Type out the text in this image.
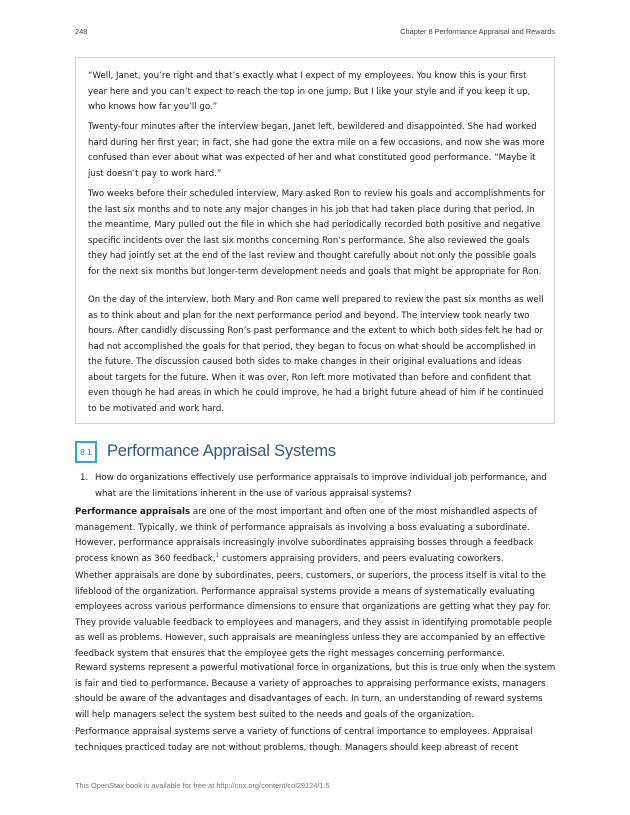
248	Chapter 8 Performance Appraisal and Rewards

“Well, Janet, you’re right and that’s exactly what I expect of my employees. You know this is your first year here and you can’t expect to reach the top in one jump. But I like your style and if you keep it up, who knows how far you’ll go.”

Twenty-four minutes after the interview began, Janet left, bewildered and disappointed. She had worked hard during her first year; in fact, she had gone the extra mile on a few occasions, and now she was more confused than ever about what was expected of her and what constituted good performance. “Maybe it just doesn’t pay to work hard.”

Two weeks before their scheduled interview, Mary asked Ron to review his goals and accomplishments for the last six months and to note any major changes in his job that had taken place during that period. In the meantime, Mary pulled out the file in which she had periodically recorded both positive and negative specific incidents over the last six months concerning Ron’s performance. She also reviewed the goals they had jointly set at the end of the last review and thought carefully about not only the possible goals for the next six months but longer-term development needs and goals that might be appropriate for Ron.

On the day of the interview, both Mary and Ron came well prepared to review the past six months as well as to think about and plan for the next performance period and beyond. The interview took nearly two hours. After candidly discussing Ron’s past performance and the extent to which both sides felt he had or had not accomplished the goals for that period, they began to focus on what should be accomplished in the future. The discussion caused both sides to make changes in their original evaluations and ideas about targets for the future. When it was over, Ron left more motivated than before and confident that even though he had areas in which he could improve, he had a bright future ahead of him if he continued to be motivated and work hard.

8.1 Performance Appraisal Systems
1. How do organizations effectively use performance appraisals to improve individual job performance, and what are the limitations inherent in the use of various appraisal systems?

Performance appraisals are one of the most important and often one of the most mishandled aspects of management. Typically, we think of performance appraisals as involving a boss evaluating a subordinate. However, performance appraisals increasingly involve subordinates appraising bosses through a feedback process known as 360 feedback,$^1$ customers appraising providers, and peers evaluating coworkers.

Whether appraisals are done by subordinates, peers, customers, or superiors, the process itself is vital to the lifeblood of the organization. Performance appraisal systems provide a means of systematically evaluating employees across various performance dimensions to ensure that organizations are getting what they pay for. They provide valuable feedback to employees and managers, and they assist in identifying promotable people as well as problems. However, such appraisals are meaningless unless they are accompanied by an effective feedback system that ensures that the employee gets the right messages concerning performance.

Reward systems represent a powerful motivational force in organizations, but this is true only when the system is fair and tied to performance. Because a variety of approaches to appraising performance exists, managers should be aware of the advantages and disadvantages of each. In turn, an understanding of reward systems will help managers select the system best suited to the needs and goals of the organization.

Performance appraisal systems serve a variety of functions of central importance to employees. Appraisal techniques practiced today are not without problems, though. Managers should keep abreast of recent

This OpenStax book is available for free at http://cnx.org/content/col29124/1.5
